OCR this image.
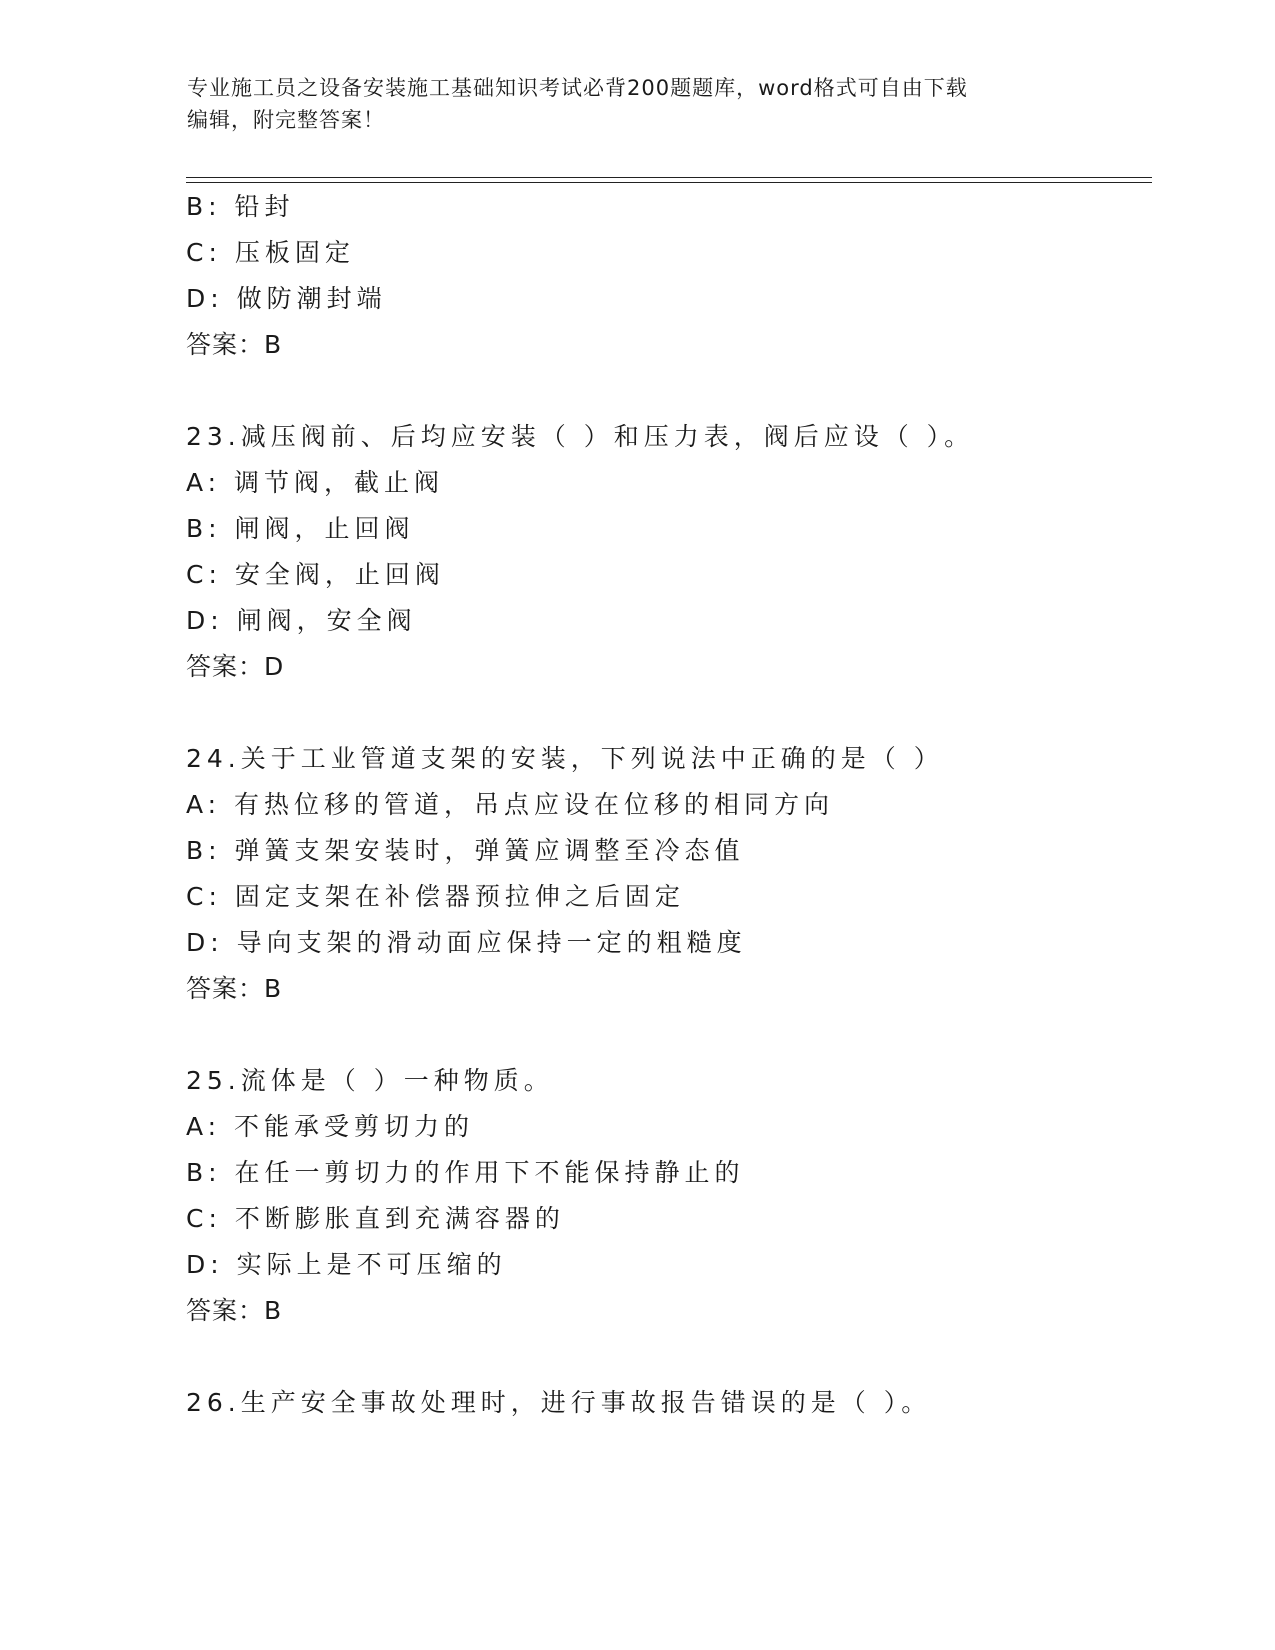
专业施工员之设备安装施工基础知识考试必背200题题库，word格式可自由下载
编辑，附完整答案！
B: 铅封
C: 压板固定
D: 做防潮封端
答案：B
23.减压阀前、后均应安装（ ）和压力表，阀后应设（ ）。
A: 调节阀，截止阀
B: 闸阀，止回阀
C: 安全阀，止回阀
D: 闸阀，安全阀
答案：D
24.关于工业管道支架的安装，下列说法中正确的是（ ）
A: 有热位移的管道，吊点应设在位移的相同方向
B: 弹簧支架安装时，弹簧应调整至冷态值
C: 固定支架在补偿器预拉伸之后固定
D: 导向支架的滑动面应保持一定的粗糙度
答案：B
25.流体是（ ）一种物质。
A: 不能承受剪切力的
B: 在任一剪切力的作用下不能保持静止的
C: 不断膨胀直到充满容器的
D: 实际上是不可压缩的
答案：B
26.生产安全事故处理时，进行事故报告错误的是（ ）。
